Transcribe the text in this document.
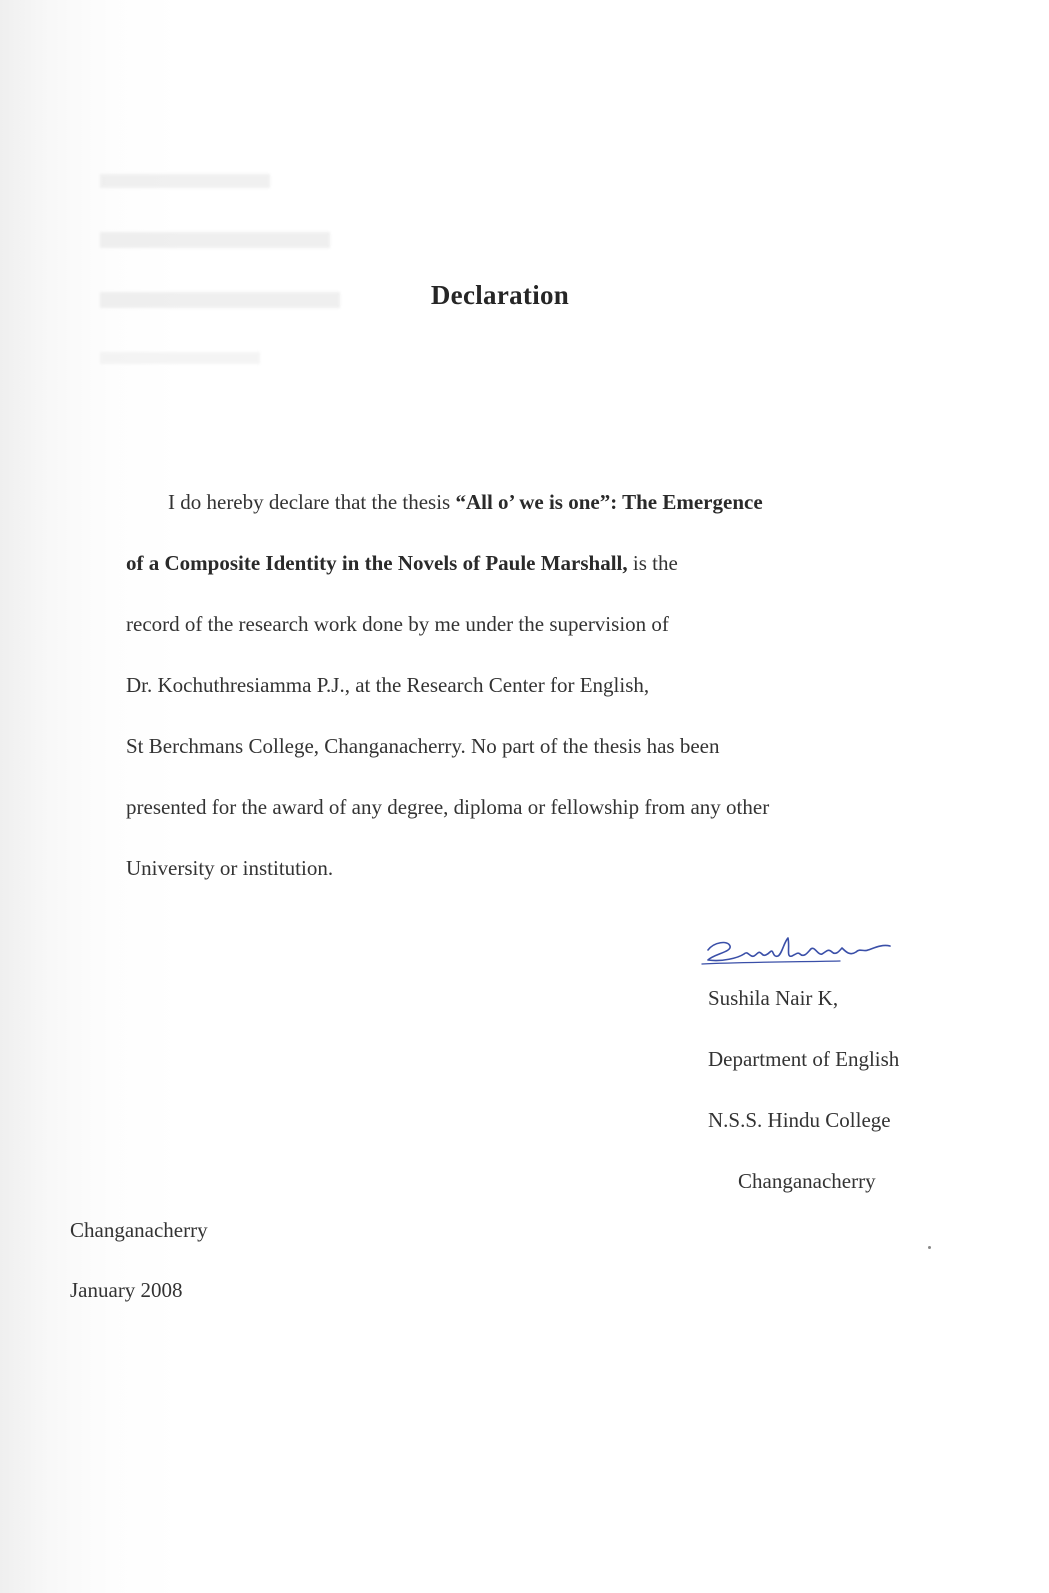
Declaration
I do hereby declare that the thesis “All o’ we is one”: The Emergence
of a Composite Identity in the Novels of Paule Marshall, is the
record of the research work done by me under the supervision of
Dr. Kochuthresiamma P.J., at the Research Center for English,
St Berchmans College, Changanacherry. No part of the thesis has been
presented for the award of any degree, diploma or fellowship from any other
University or institution.
Sushila Nair K,
Department of English
N.S.S. Hindu College
Changanacherry
Changanacherry
January 2008
